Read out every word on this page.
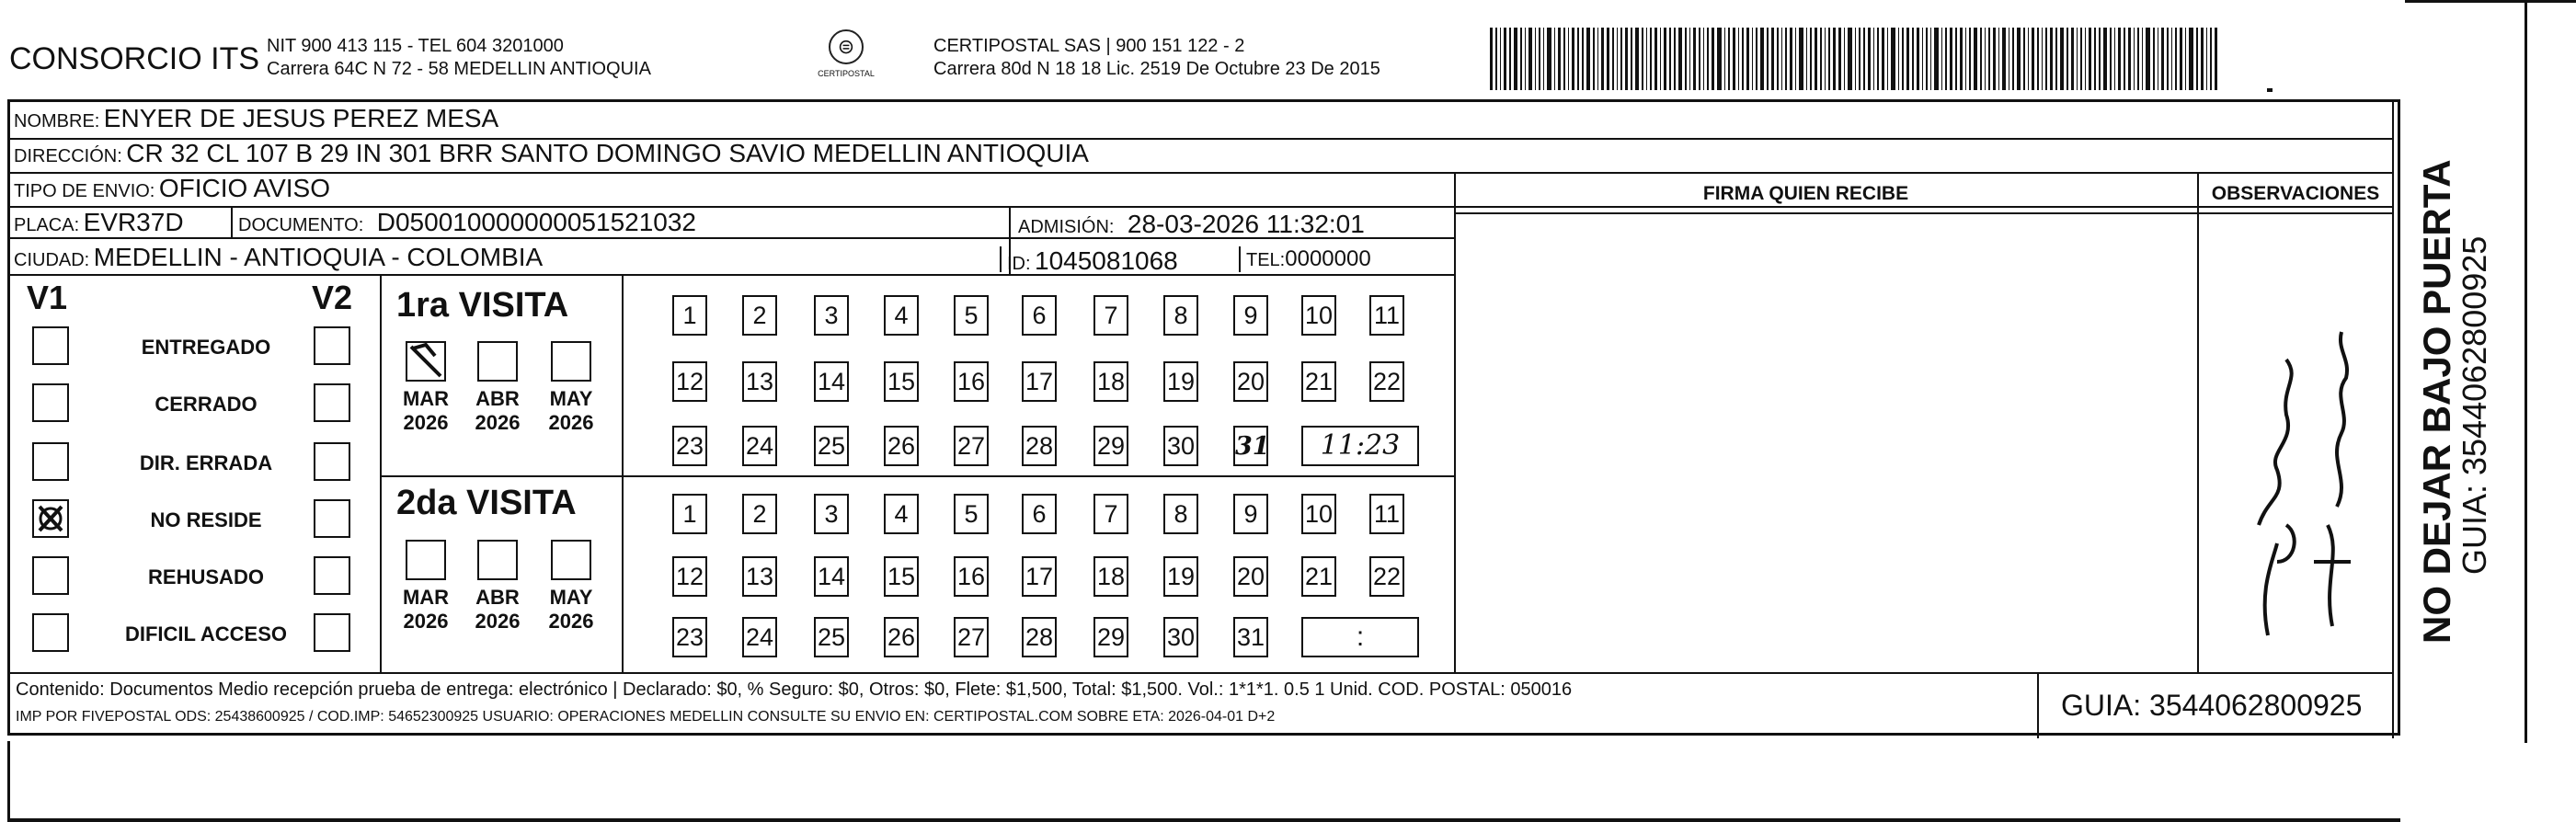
CONSORCIO ITS NIT 900 413 115 - TEL 604 3201000
Carrera 64C N 72 - 58 MEDELLIN ANTIOQUIA
⊜
CERTIPOSTAL
CERTIPOSTAL SAS | 900 151 122 - 2
Carrera 80d N 18 18 Lic. 2519 De Octubre 23 De 2015
NOMBRE: ENYER DE JESUS PEREZ MESA
DIRECCIÓN: CR 32 CL 107 B 29 IN 301 BRR SANTO DOMINGO SAVIO MEDELLIN ANTIOQUIA
TIPO DE ENVIO: OFICIO AVISO	FIRMA QUIEN RECIBE	OBSERVACIONES
PLACA: EVR37D	DOCUMENTO: D050010000000051521032	ADMISIÓN: 28-03-2026 11:32:01
CIUDAD: MEDELLIN - ANTIOQUIA - COLOMBIA	ID: 1045081068	TEL:0000000
V1	V2
ENTREGADO
CERRADO
DIR. ERRADA
NO RESIDE
REHUSADO
DIFICIL ACCESO
1ra VISITA
2da VISITA
MAR
2026
ABR
2026
MAY
2026
MAR
2026
ABR
2026
MAY
2026
1	2	3	4	5	6	7	8	9	10 11
12 13 14 15 16 17 18 19 20 21 22
23 24 25 26 27 28 29 30 31	11:23
1	2	3	4	5	6	7	8	9	10 11
12 13 14 15 16 17 18 19 20 21 22
23 24 25 26 27 28 29 30 31	:
Contenido: Documentos Medio recepción prueba de entrega: electrónico | Declarado: $0, % Seguro: $0, Otros: $0, Flete: $1,500, Total: $1,500. Vol.: 1*1*1. 0.5 1 Unid. COD. POSTAL: 050016
IMP POR FIVEPOSTAL ODS: 25438600925 / COD.IMP: 54652300925 USUARIO: OPERACIONES MEDELLIN CONSULTE SU ENVIO EN: CERTIPOSTAL.COM SOBRE ETA: 2026-04-01 D+2	GUIA: 3544062800925
NO DEJAR BAJO PUERTA
GUIA: 3544062800925
